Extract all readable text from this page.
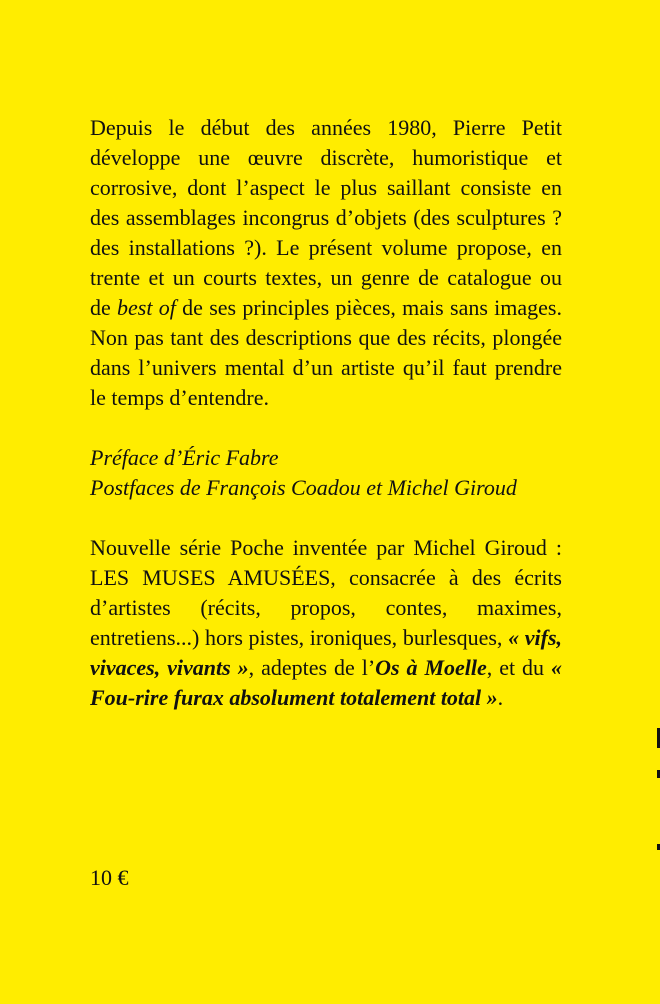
Depuis le début des années 1980, Pierre Petit développe une œuvre discrète, humoristique et corrosive, dont l’aspect le plus saillant consiste en des assemblages incongrus d’objets (des sculptures ? des installations ?). Le présent volume propose, en trente et un courts textes, un genre de catalogue ou de best of de ses principles pièces, mais sans images. Non pas tant des descriptions que des récits, plongée dans l’univers mental d’un artiste qu’il faut prendre le temps d’entendre.
Préface d’Éric Fabre
Postfaces de François Coadou et Michel Giroud
Nouvelle série Poche inventée par Michel Giroud : LES MUSES AMUSÉES, consacrée à des écrits d’artistes (récits, propos, contes, maximes, entretiens...) hors pistes, ironiques, burlesques, « vifs, vivaces, vivants », adeptes de l’Os à Moelle, et du « Fou-rire furax absolument totalement total ».
10 €
